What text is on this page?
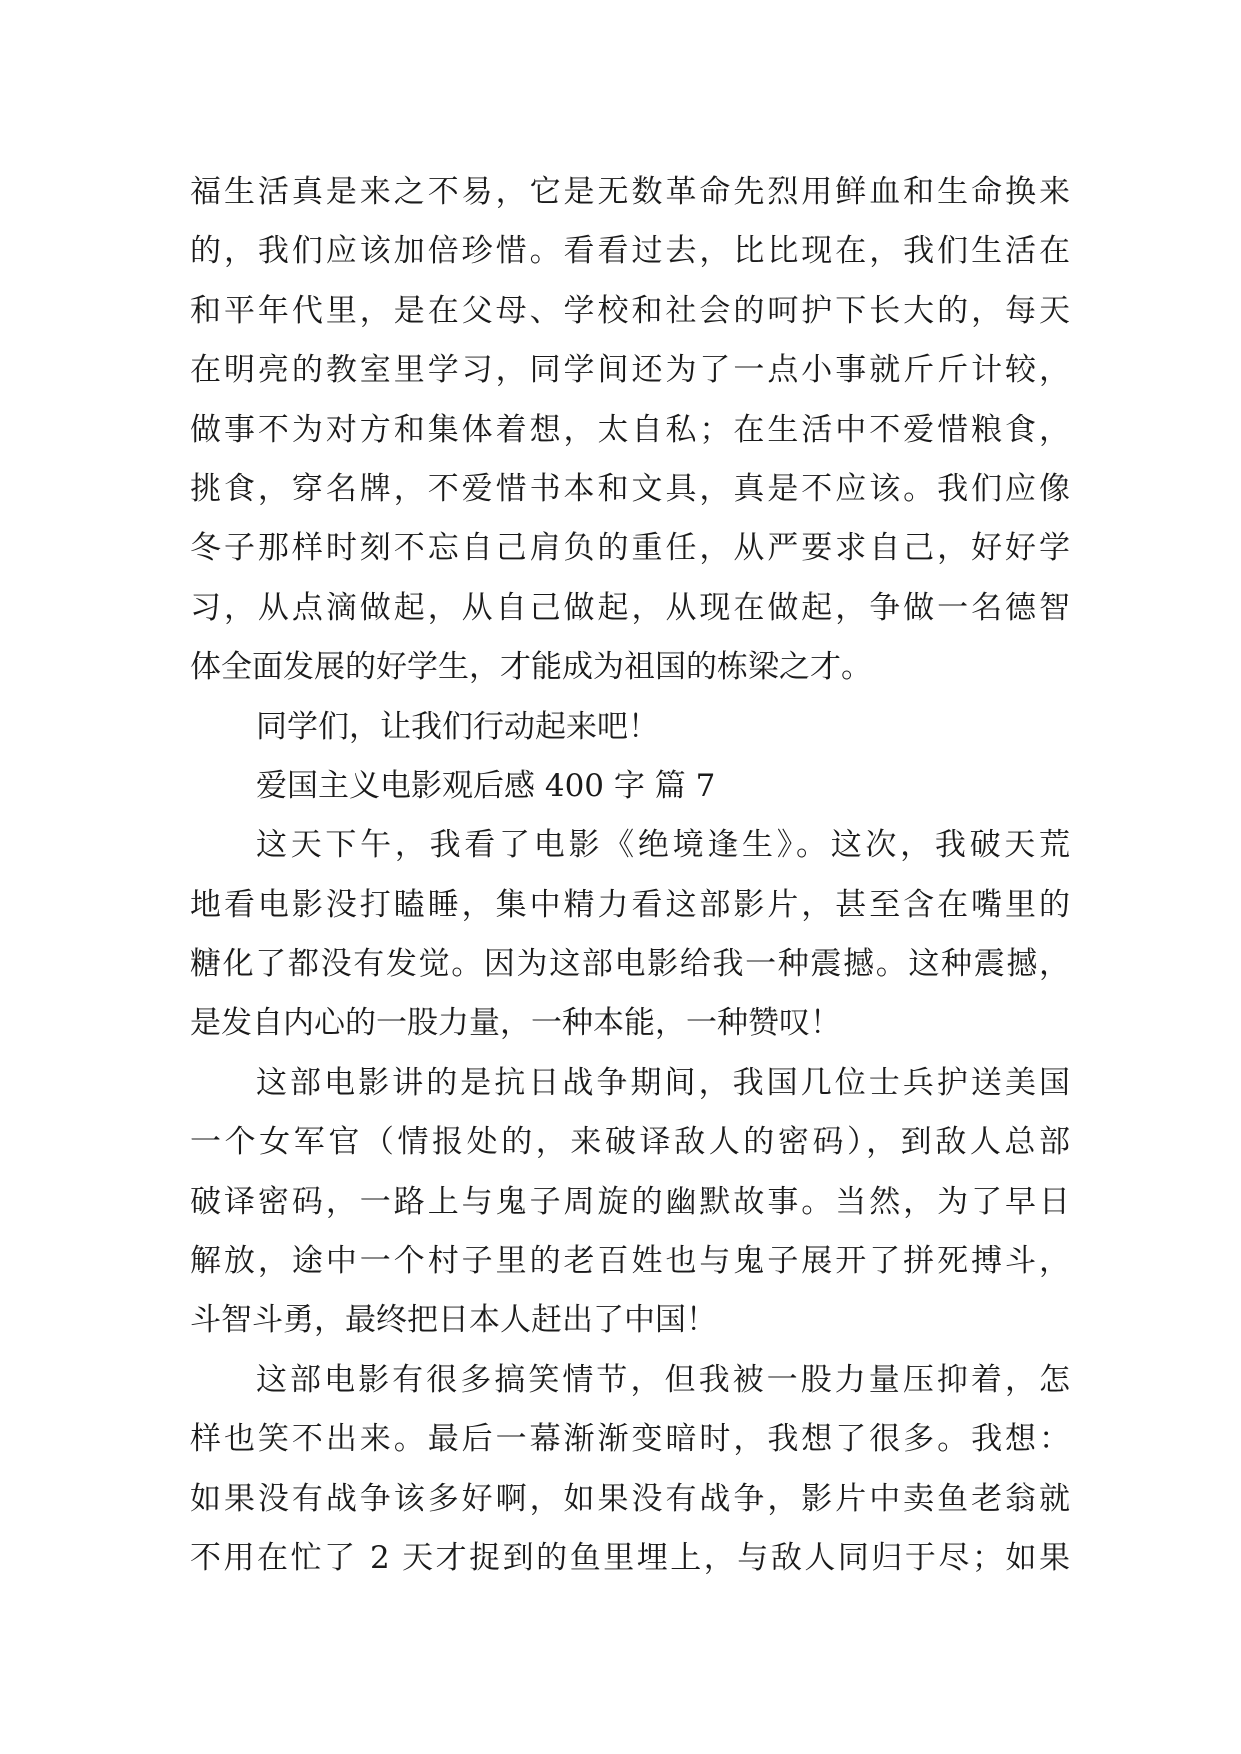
福生活真是来之不易，它是无数革命先烈用鲜血和生命换来
的，我们应该加倍珍惜。看看过去，比比现在，我们生活在
和平年代里，是在父母、学校和社会的呵护下长大的，每天
在明亮的教室里学习，同学间还为了一点小事就斤斤计较，
做事不为对方和集体着想，太自私；在生活中不爱惜粮食，
挑食，穿名牌，不爱惜书本和文具，真是不应该。我们应像
冬子那样时刻不忘自己肩负的重任，从严要求自己，好好学
习，从点滴做起，从自己做起，从现在做起，争做一名德智
体全面发展的好学生，才能成为祖国的栋梁之才。
同学们，让我们行动起来吧！
爱国主义电影观后感 400 字 篇 7
这天下午，我看了电影《绝境逢生》。这次，我破天荒
地看电影没打瞌睡，集中精力看这部影片，甚至含在嘴里的
糖化了都没有发觉。因为这部电影给我一种震撼。这种震撼，
是发自内心的一股力量，一种本能，一种赞叹！
这部电影讲的是抗日战争期间，我国几位士兵护送美国
一个女军官（情报处的，来破译敌人的密码），到敌人总部
破译密码，一路上与鬼子周旋的幽默故事。当然，为了早日
解放，途中一个村子里的老百姓也与鬼子展开了拼死搏斗，
斗智斗勇，最终把日本人赶出了中国！
这部电影有很多搞笑情节，但我被一股力量压抑着，怎
样也笑不出来。最后一幕渐渐变暗时，我想了很多。我想：
如果没有战争该多好啊，如果没有战争，影片中卖鱼老翁就
不用在忙了 2 天才捉到的鱼里埋上，与敌人同归于尽；如果
